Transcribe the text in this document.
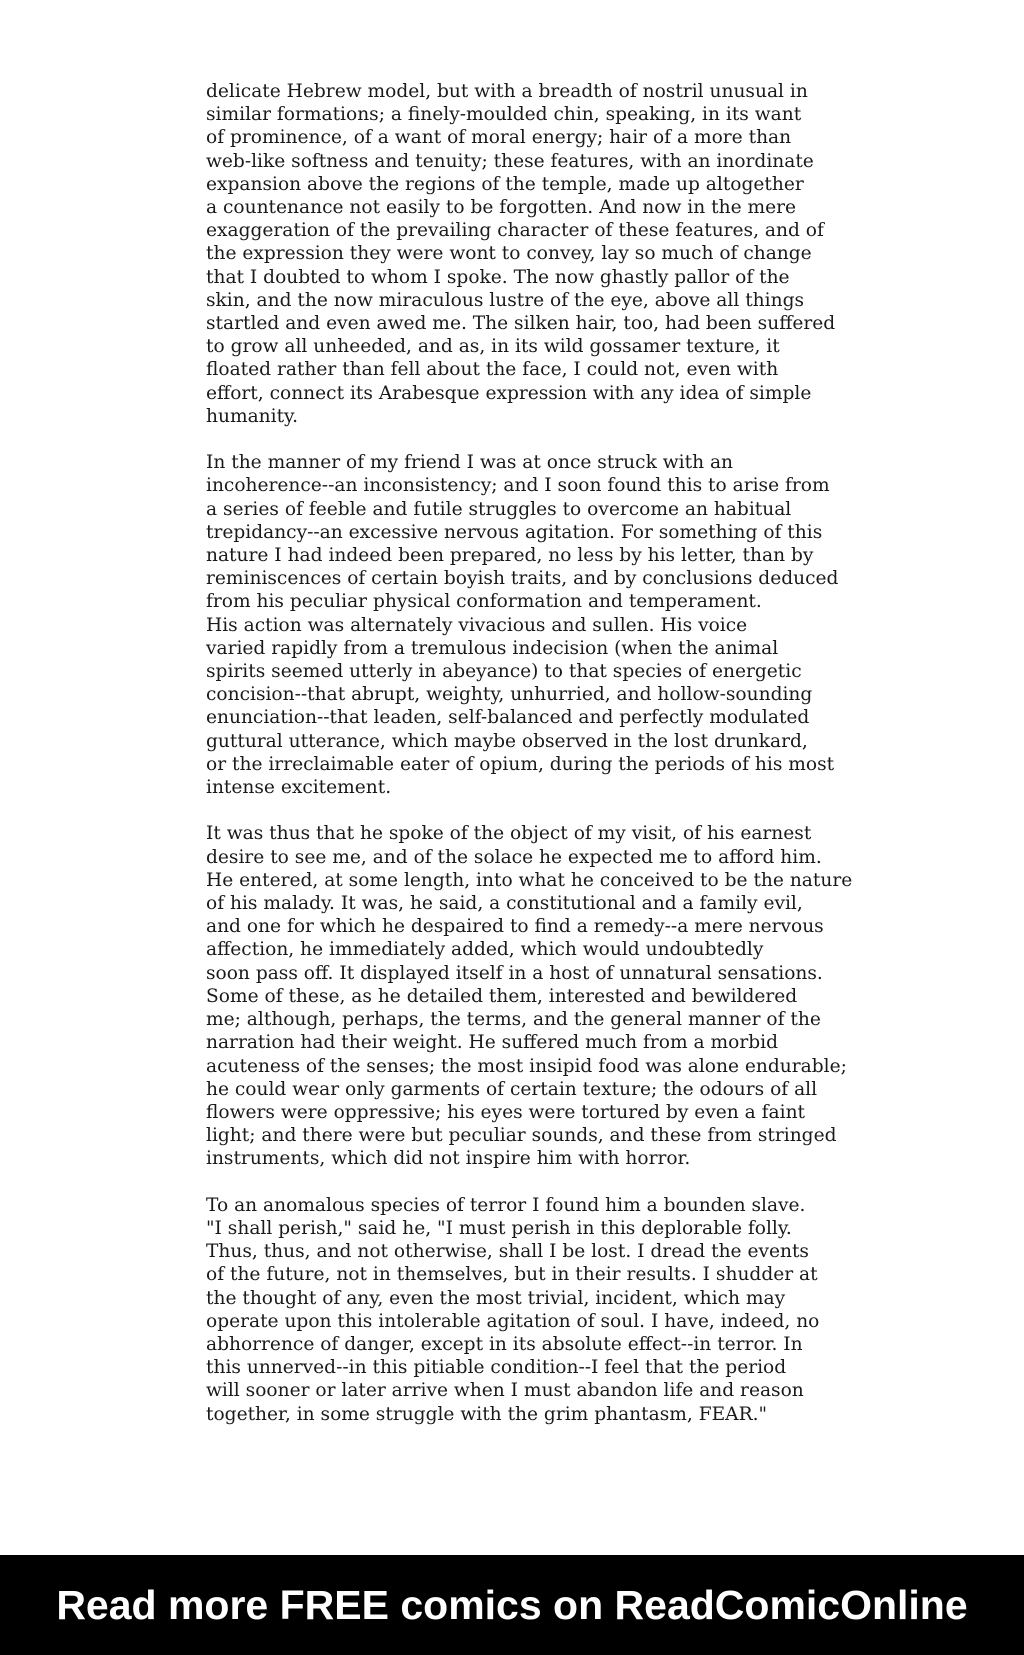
delicate Hebrew model, but with a breadth of nostril unusual in
similar formations; a finely-moulded chin, speaking, in its want
of prominence, of a want of moral energy; hair of a more than
web-like softness and tenuity; these features, with an inordinate
expansion above the regions of the temple, made up altogether
a countenance not easily to be forgotten. And now in the mere
exaggeration of the prevailing character of these features, and of
the expression they were wont to convey, lay so much of change
that I doubted to whom I spoke. The now ghastly pallor of the
skin, and the now miraculous lustre of the eye, above all things
startled and even awed me. The silken hair, too, had been suffered
to grow all unheeded, and as, in its wild gossamer texture, it
floated rather than fell about the face, I could not, even with
effort, connect its Arabesque expression with any idea of simple
humanity.

In the manner of my friend I was at once struck with an
incoherence--an inconsistency; and I soon found this to arise from
a series of feeble and futile struggles to overcome an habitual
trepidancy--an excessive nervous agitation. For something of this
nature I had indeed been prepared, no less by his letter, than by
reminiscences of certain boyish traits, and by conclusions deduced
from his peculiar physical conformation and temperament.
His action was alternately vivacious and sullen. His voice
varied rapidly from a tremulous indecision (when the animal
spirits seemed utterly in abeyance) to that species of energetic
concision--that abrupt, weighty, unhurried, and hollow-sounding
enunciation--that leaden, self-balanced and perfectly modulated
guttural utterance, which maybe observed in the lost drunkard,
or the irreclaimable eater of opium, during the periods of his most
intense excitement.

It was thus that he spoke of the object of my visit, of his earnest
desire to see me, and of the solace he expected me to afford him.
He entered, at some length, into what he conceived to be the nature
of his malady. It was, he said, a constitutional and a family evil,
and one for which he despaired to find a remedy--a mere nervous
affection, he immediately added, which would undoubtedly
soon pass off. It displayed itself in a host of unnatural sensations.
Some of these, as he detailed them, interested and bewildered
me; although, perhaps, the terms, and the general manner of the
narration had their weight. He suffered much from a morbid
acuteness of the senses; the most insipid food was alone endurable;
he could wear only garments of certain texture; the odours of all
flowers were oppressive; his eyes were tortured by even a faint
light; and there were but peculiar sounds, and these from stringed
instruments, which did not inspire him with horror.

To an anomalous species of terror I found him a bounden slave.
"I shall perish," said he, "I must perish in this deplorable folly.
Thus, thus, and not otherwise, shall I be lost. I dread the events
of the future, not in themselves, but in their results. I shudder at
the thought of any, even the most trivial, incident, which may
operate upon this intolerable agitation of soul. I have, indeed, no
abhorrence of danger, except in its absolute effect--in terror. In
this unnerved--in this pitiable condition--I feel that the period
will sooner or later arrive when I must abandon life and reason
together, in some struggle with the grim phantasm, FEAR."

Read more FREE comics on ReadComicOnline
